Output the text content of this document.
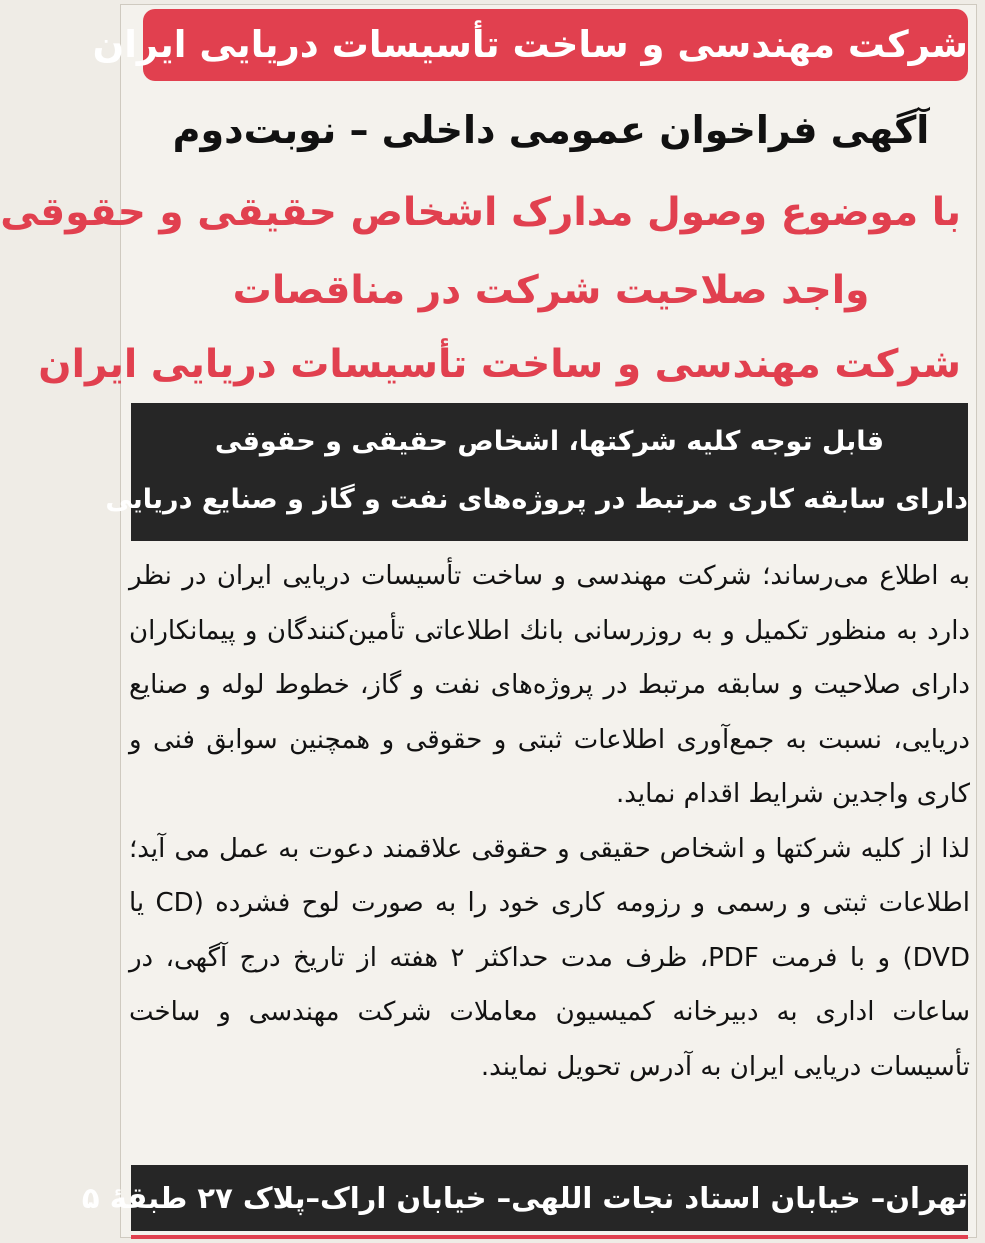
شرکت مهندسی و ساخت تأسیسات دریایی ایران
آگهی فراخوان عمومی داخلی – نوبت‌دوم
با موضوع وصول مدارک اشخاص حقیقی و حقوقی
واجد صلاحیت شرکت در مناقصات
شرکت مهندسی و ساخت تأسیسات دریایی ایران
قابل توجه کلیه شرکتها، اشخاص حقیقی و حقوقی
دارای سابقه کاری مرتبط در پروژه‌های نفت و گاز و صنایع دریایی

به اطلاع می‌رساند؛ شرکت مهندسی و ساخت تأسیسات دریایی ایران در نظر دارد به منظور تکمیل و به روزرسانی بانك اطلاعاتی تأمین‌کنندگان و پیمانکاران دارای صلاحیت و سابقه مرتبط در پروژه‌های نفت و گاز، خطوط لوله و صنایع دریایی، نسبت به جمع‌آوری اطلاعات ثبتی و حقوقی و همچنین سوابق فنی و کاری واجدین شرایط اقدام نماید.

لذا از کلیه شرکتها و اشخاص حقیقی و حقوقی علاقمند دعوت به عمل می آید؛ اطلاعات ثبتی و رسمی و رزومه کاری خود را به صورت لوح فشرده (CD یا DVD) و با فرمت PDF، ظرف مدت حداکثر ۲ هفته از تاریخ درج آگهی، در ساعات اداری به دبیرخانه کمیسیون معاملات شرکت مهندسی و ساخت تأسیسات دریایی ایران به آدرس تحویل نمایند.

تهران– خیابان استاد نجات اللهی– خیابان اراک–پلاک ۲۷ طبقهٔ ۵
